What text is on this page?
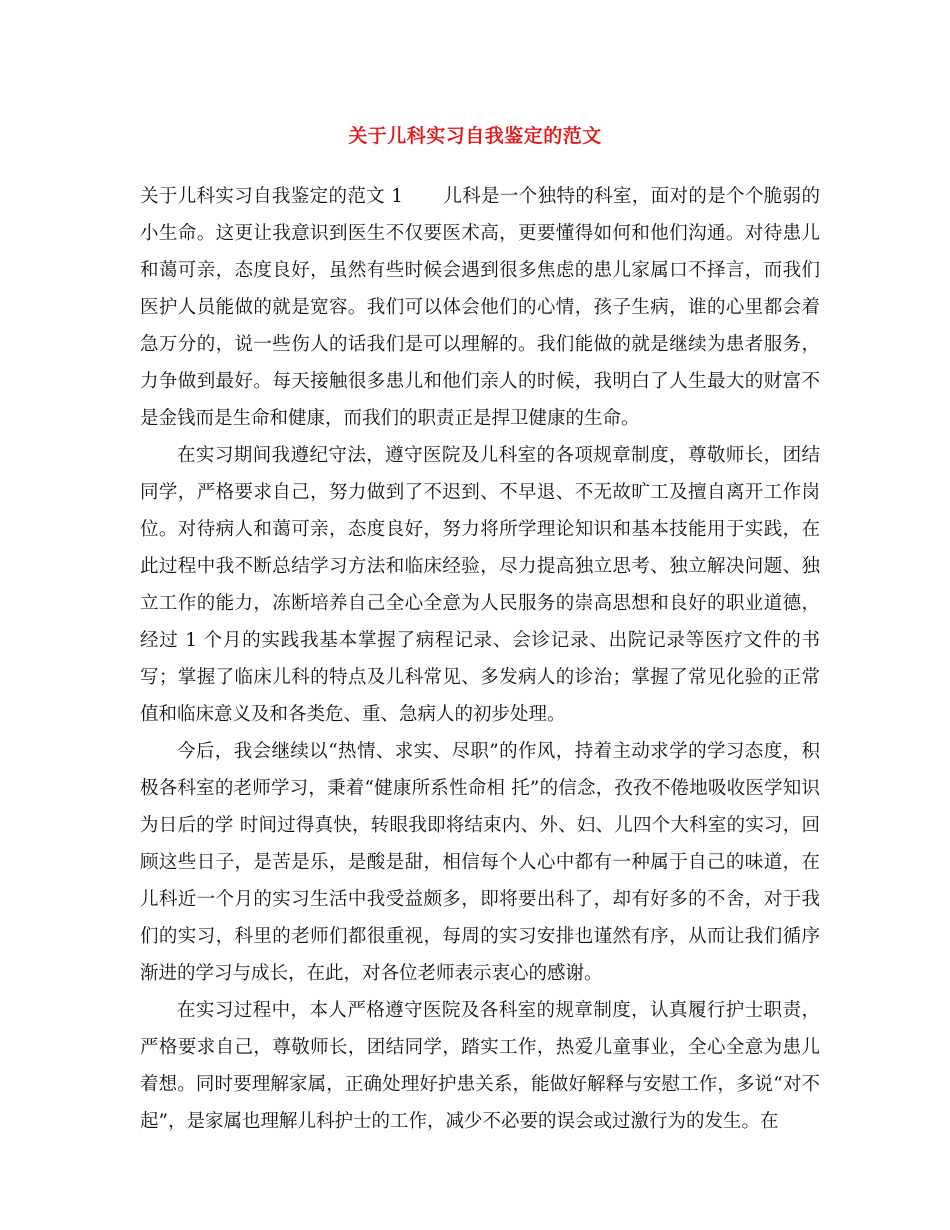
关于儿科实习自我鉴定的范文

关于儿科实习自我鉴定的范文 1 儿科是一个独特的科室，面对的是个个脆弱的小生命。这更让我意识到医生不仅要医术高，更要懂得如何和他们沟通。对待患儿和蔼可亲，态度良好，虽然有些时候会遇到很多焦虑的患儿家属口不择言，而我们医护人员能做的就是宽容。我们可以体会他们的心情，孩子生病，谁的心里都会着急万分的，说一些伤人的话我们是可以理解的。我们能做的就是继续为患者服务，力争做到最好。每天接触很多患儿和他们亲人的时候，我明白了人生最大的财富不是金钱而是生命和健康，而我们的职责正是捍卫健康的生命。

在实习期间我遵纪守法，遵守医院及儿科室的各项规章制度，尊敬师长，团结同学，严格要求自己，努力做到了不迟到、不早退、不无故旷工及擅自离开工作岗位。对待病人和蔼可亲，态度良好，努力将所学理论知识和基本技能用于实践，在此过程中我不断总结学习方法和临床经验，尽力提高独立思考、独立解决问题、独立工作的能力，冻断培养自己全心全意为人民服务的崇高思想和良好的职业道德，经过 1 个月的实践我基本掌握了病程记录、会诊记录、出院记录等医疗文件的书写；掌握了临床儿科的特点及儿科常见、多发病人的诊治；掌握了常见化验的正常值和临床意义及和各类危、重、急病人的初步处理。

今后，我会继续以“热情、求实、尽职”的作风，持着主动求学的学习态度，积极各科室的老师学习，秉着“健康所系性命相 托”的信念，孜孜不倦地吸收医学知识为日后的学 时间过得真快，转眼我即将结束内、外、妇、儿四个大科室的实习，回顾这些日子，是苦是乐，是酸是甜，相信每个人心中都有一种属于自己的味道，在儿科近一个月的实习生活中我受益颇多，即将要出科了，却有好多的不舍，对于我们的实习，科里的老师们都很重视，每周的实习安排也谨然有序，从而让我们循序渐进的学习与成长，在此，对各位老师表示衷心的感谢。

在实习过程中，本人严格遵守医院及各科室的规章制度，认真履行护士职责，严格要求自己，尊敬师长，团结同学，踏实工作，热爱儿童事业，全心全意为患儿着想。同时要理解家属，正确处理好护患关系，能做好解释与安慰工作，多说“对不起”，是家属也理解儿科护士的工作，减少不必要的误会或过激行为的发生。在
